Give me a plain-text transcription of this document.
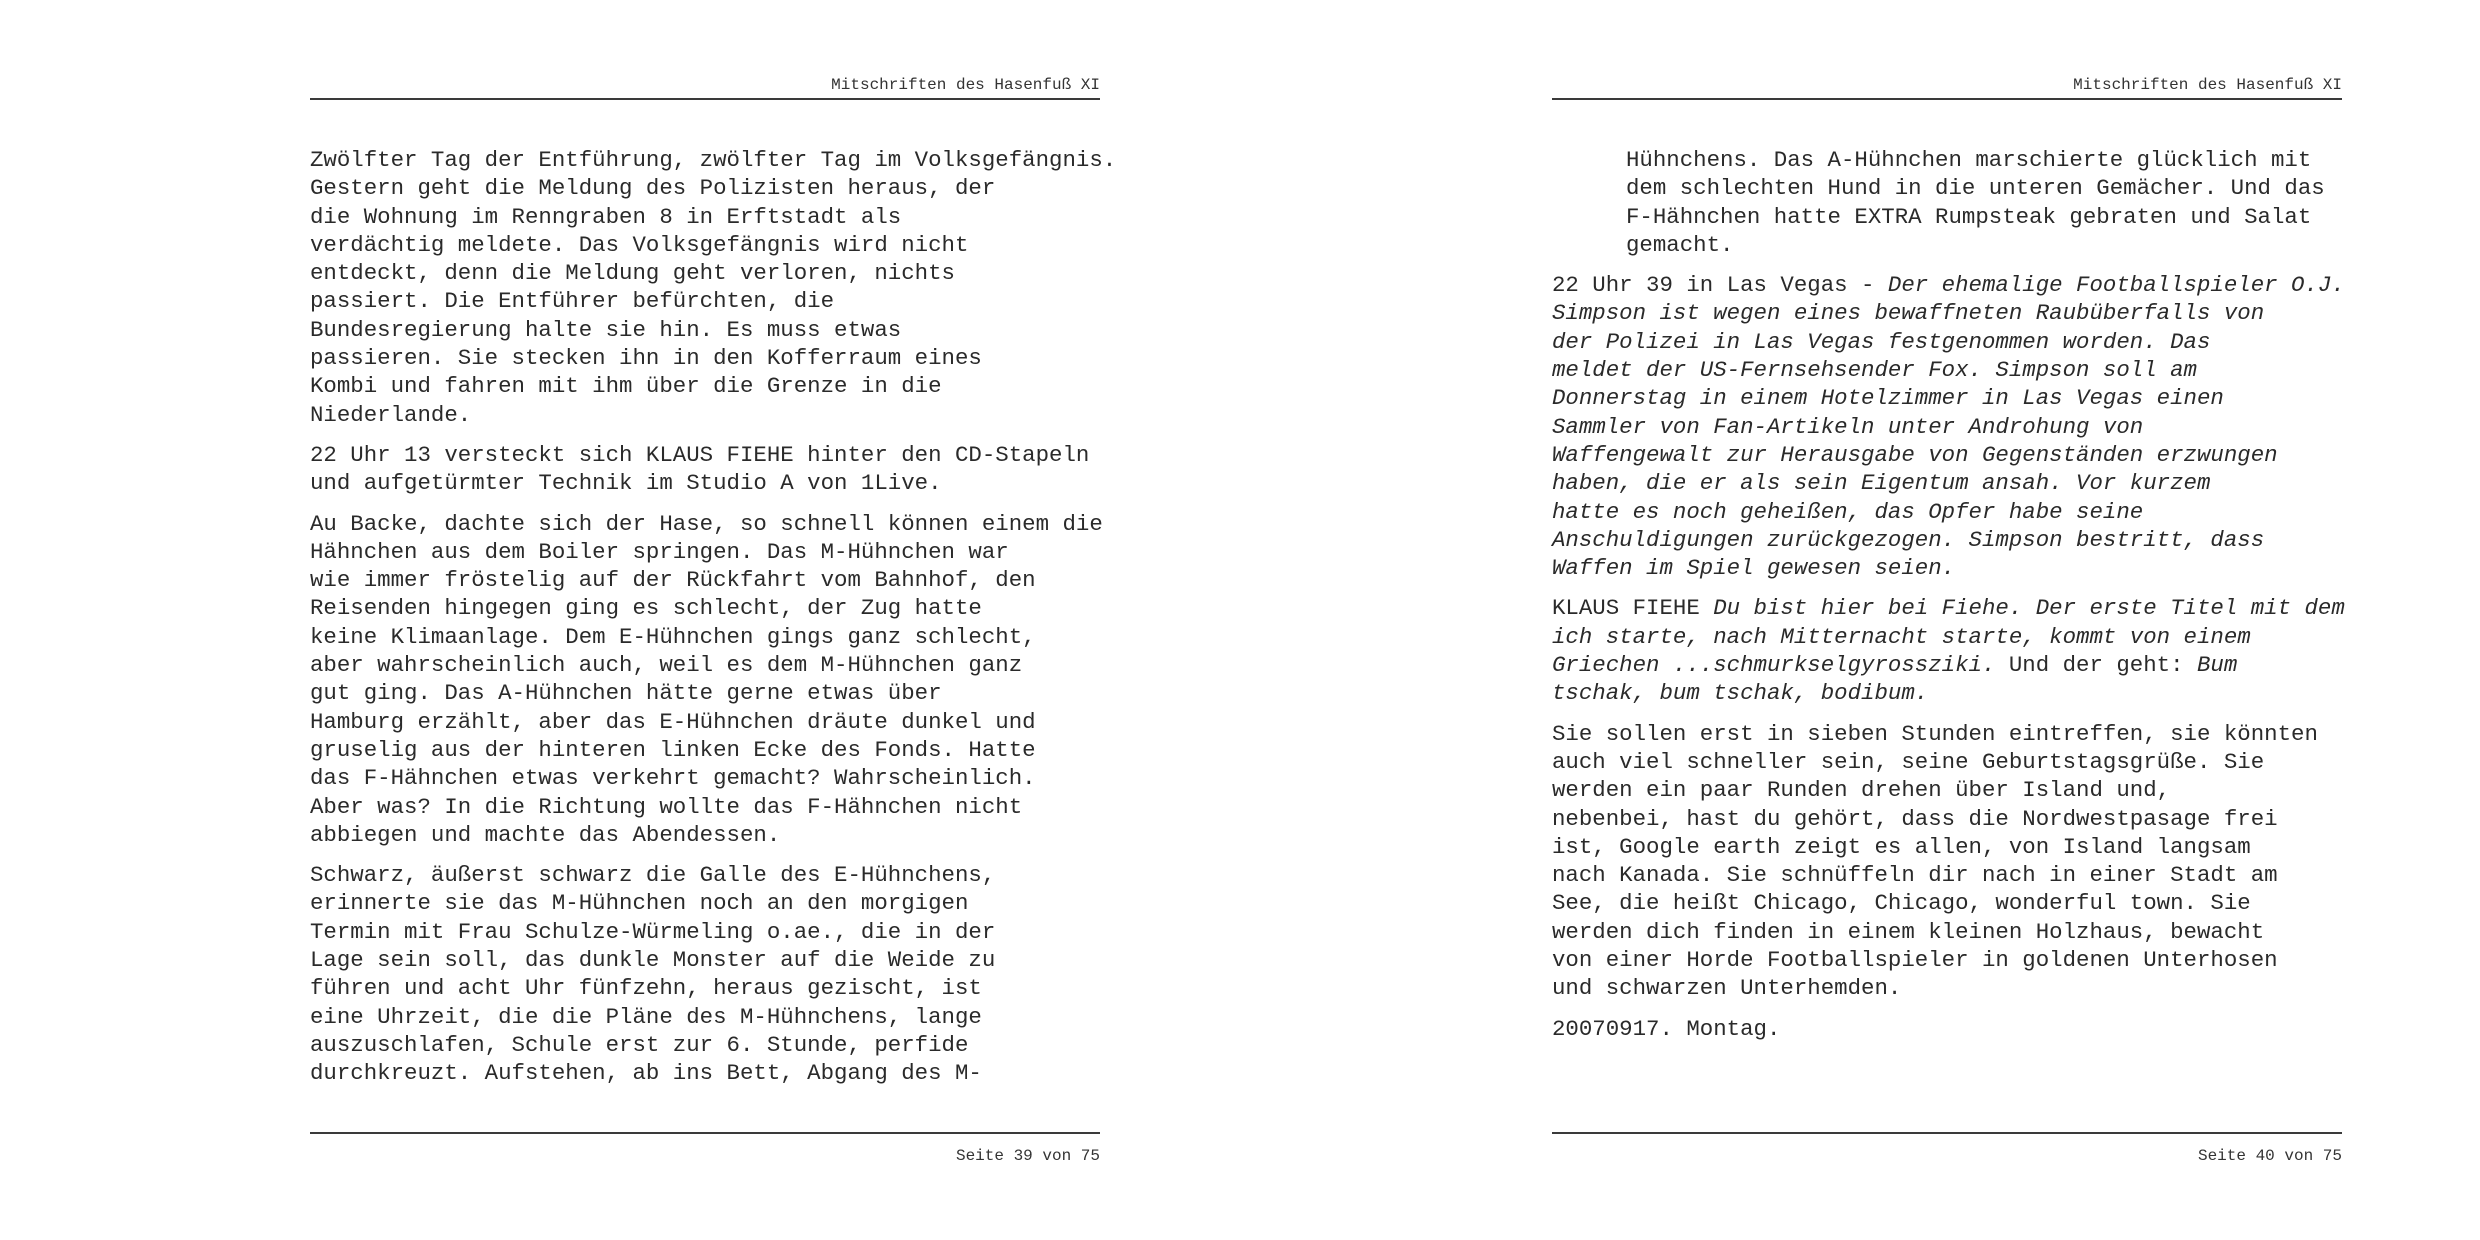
Mitschriften des Hasenfuß XI

Zwölfter Tag der Entführung, zwölfter Tag im Volksgefängnis.
Gestern geht die Meldung des Polizisten heraus, der
die Wohnung im Renngraben 8 in Erftstadt als
verdächtig meldete. Das Volksgefängnis wird nicht
entdeckt, denn die Meldung geht verloren, nichts
passiert. Die Entführer befürchten, die
Bundesregierung halte sie hin. Es muss etwas
passieren. Sie stecken ihn in den Kofferraum eines
Kombi und fahren mit ihm über die Grenze in die
Niederlande.

22 Uhr 13 versteckt sich KLAUS FIEHE hinter den CD-Stapeln
und aufgetürmter Technik im Studio A von 1Live.

Au Backe, dachte sich der Hase, so schnell können einem die
Hähnchen aus dem Boiler springen. Das M-Hühnchen war
wie immer fröstelig auf der Rückfahrt vom Bahnhof, den
Reisenden hingegen ging es schlecht, der Zug hatte
keine Klimaanlage. Dem E-Hühnchen gings ganz schlecht,
aber wahrscheinlich auch, weil es dem M-Hühnchen ganz
gut ging. Das A-Hühnchen hätte gerne etwas über
Hamburg erzählt, aber das E-Hühnchen dräute dunkel und
gruselig aus der hinteren linken Ecke des Fonds. Hatte
das F-Hähnchen etwas verkehrt gemacht? Wahrscheinlich.
Aber was? In die Richtung wollte das F-Hähnchen nicht
abbiegen und machte das Abendessen.

Schwarz, äußerst schwarz die Galle des E-Hühnchens,
erinnerte sie das M-Hühnchen noch an den morgigen
Termin mit Frau Schulze-Würmeling o.ae., die in der
Lage sein soll, das dunkle Monster auf die Weide zu
führen und acht Uhr fünfzehn, heraus gezischt, ist
eine Uhrzeit, die die Pläne des M-Hühnchens, lange
auszuschlafen, Schule erst zur 6. Stunde, perfide
durchkreuzt. Aufstehen, ab ins Bett, Abgang des M-

Seite 39 von 75
Mitschriften des Hasenfuß XI

Hühnchens. Das A-Hühnchen marschierte glücklich mit
dem schlechten Hund in die unteren Gemächer. Und das
F-Hähnchen hatte EXTRA Rumpsteak gebraten und Salat
gemacht.

22 Uhr 39 in Las Vegas - Der ehemalige Footballspieler O.J.
Simpson ist wegen eines bewaffneten Raubüberfalls von
der Polizei in Las Vegas festgenommen worden. Das
meldet der US-Fernsehsender Fox. Simpson soll am
Donnerstag in einem Hotelzimmer in Las Vegas einen
Sammler von Fan-Artikeln unter Androhung von
Waffengewalt zur Herausgabe von Gegenständen erzwungen
haben, die er als sein Eigentum ansah. Vor kurzem
hatte es noch geheißen, das Opfer habe seine
Anschuldigungen zurückgezogen. Simpson bestritt, dass
Waffen im Spiel gewesen seien.

KLAUS FIEHE Du bist hier bei Fiehe. Der erste Titel mit dem
ich starte, nach Mitternacht starte, kommt von einem
Griechen ...schmurkselgyrossziki. Und der geht: Bum
tschak, bum tschak, bodibum.

Sie sollen erst in sieben Stunden eintreffen, sie könnten
auch viel schneller sein, seine Geburtstagsgrüße. Sie
werden ein paar Runden drehen über Island und,
nebenbei, hast du gehört, dass die Nordwestpasage frei
ist, Google earth zeigt es allen, von Island langsam
nach Kanada. Sie schnüffeln dir nach in einer Stadt am
See, die heißt Chicago, Chicago, wonderful town. Sie
werden dich finden in einem kleinen Holzhaus, bewacht
von einer Horde Footballspieler in goldenen Unterhosen
und schwarzen Unterhemden.

20070917. Montag.

Seite 40 von 75
